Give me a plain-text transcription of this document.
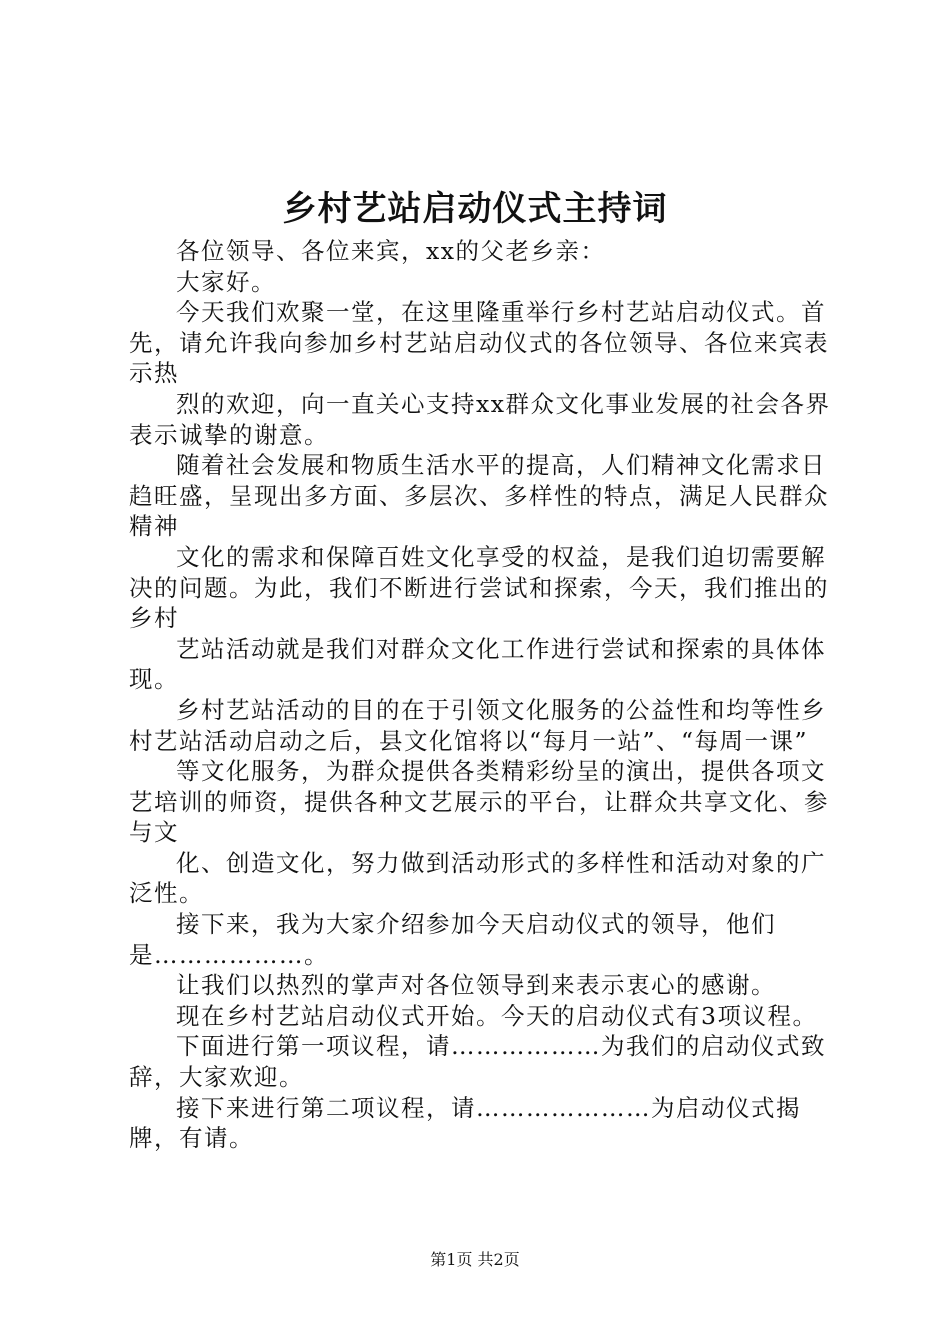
乡村艺站启动仪式主持词

各位领导、各位来宾，xx的父老乡亲：

大家好。

今天我们欢聚一堂，在这里隆重举行乡村艺站启动仪式。首先，请允许我向参加乡村艺站启动仪式的各位领导、各位来宾表示热

烈的欢迎，向一直关心支持xx群众文化事业发展的社会各界表示诚挚的谢意。

随着社会发展和物质生活水平的提高，人们精神文化需求日趋旺盛，呈现出多方面、多层次、多样性的特点，满足人民群众精神

文化的需求和保障百姓文化享受的权益，是我们迫切需要解决的问题。为此，我们不断进行尝试和探索，今天，我们推出的乡村

艺站活动就是我们对群众文化工作进行尝试和探索的具体体现。

乡村艺站活动的目的在于引领文化服务的公益性和均等性乡村艺站活动启动之后，县文化馆将以“每月一站”、“每周一课”

等文化服务，为群众提供各类精彩纷呈的演出，提供各项文艺培训的师资，提供各种文艺展示的平台，让群众共享文化、参与文

化、创造文化，努力做到活动形式的多样性和活动对象的广泛性。

接下来，我为大家介绍参加今天启动仪式的领导，他们是………………。

让我们以热烈的掌声对各位领导到来表示衷心的感谢。

现在乡村艺站启动仪式开始。今天的启动仪式有3项议程。

下面进行第一项议程，请………………为我们的启动仪式致辞，大家欢迎。

接下来进行第二项议程，请…………………为启动仪式揭牌，有请。

第1页 共2页
